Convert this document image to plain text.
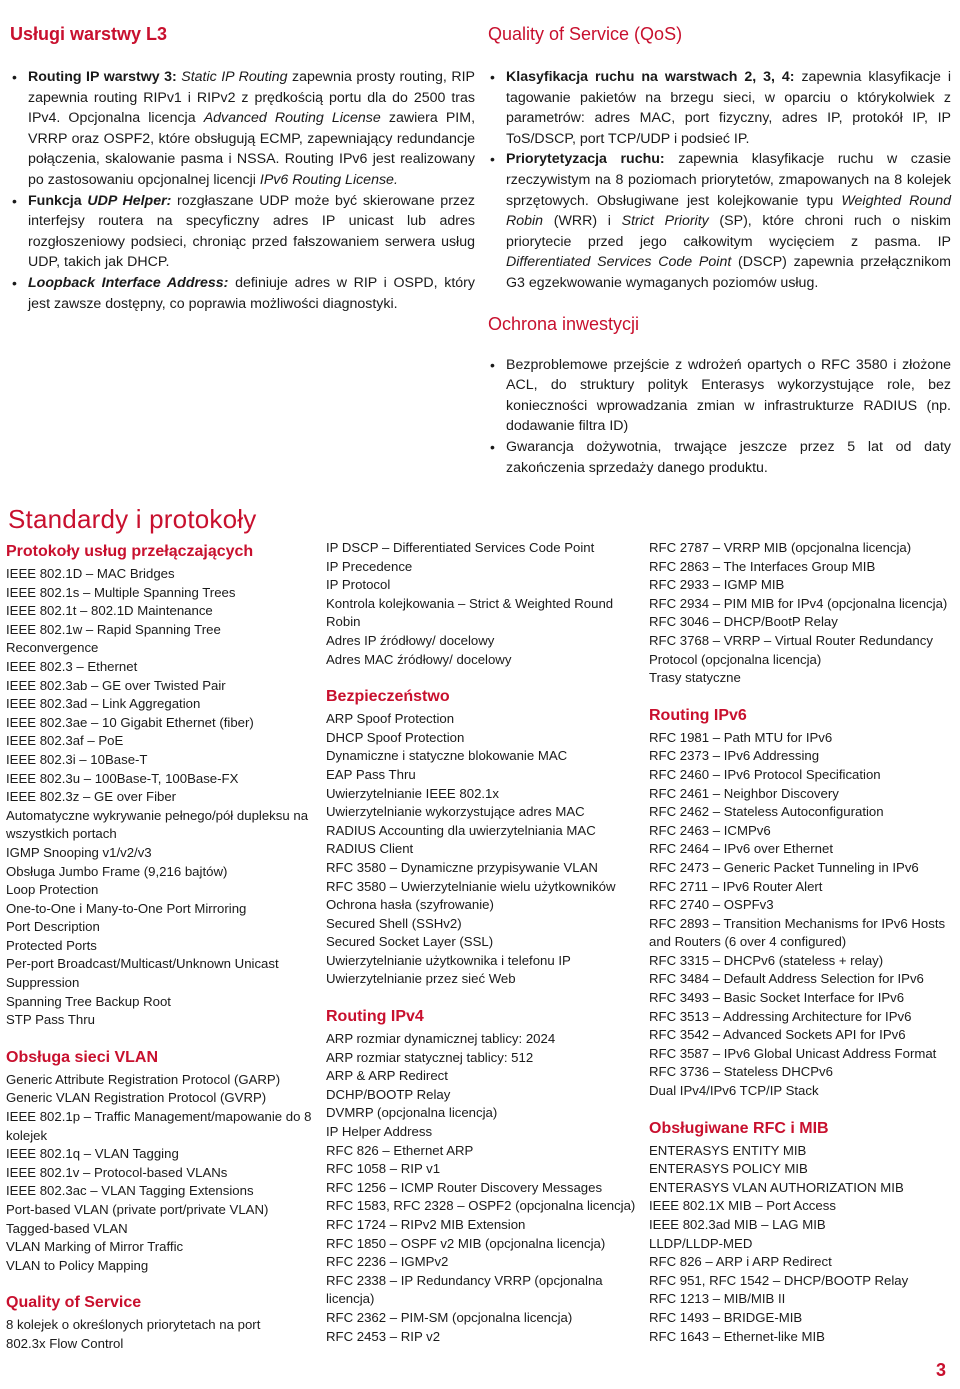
Usługi warstwy L3
• Routing IP warstwy 3: Static IP Routing zapewnia prosty routing, RIP zapewnia routing RIPv1 i RIPv2 z prędkością portu dla do 2500 tras IPv4. Opcjonalna licencja Advanced Routing License zawiera PIM, VRRP oraz OSPF2, które obsługują ECMP, zapewniający redundancje połączenia, skalowanie pasma i NSSA. Routing IPv6 jest realizowany po zastosowaniu opcjonalnej licencji IPv6 Routing License.
• Funkcja UDP Helper: rozgłaszane UDP może być skierowane przez interfejsy routera na specyficzny adres IP unicast lub adres rozgłoszeniowy podsieci, chroniąc przed fałszowaniem serwera usług UDP, takich jak DHCP.
• Loopback Interface Address: definiuje adres w RIP i OSPD, który jest zawsze dostępny, co poprawia możliwości diagnostyki.
Quality of Service (QoS)
• Klasyfikacja ruchu na warstwach 2, 3, 4: zapewnia klasyfikacje i tagowanie pakietów na brzegu sieci, w oparciu o którykolwiek z parametrów: adres MAC, port fizyczny, adres IP, protokół IP, IP ToS/DSCP, port TCP/UDP i podsieć IP.
• Priorytetyzacja ruchu: zapewnia klasyfikacje ruchu w czasie rzeczywistym na 8 poziomach priorytetów, zmapowanych na 8 kolejek sprzętowych. Obsługiwane jest kolejkowanie typu Weighted Round Robin (WRR) i Strict Priority (SP), które chroni ruch o niskim priorytecie przed jego całkowitym wycięciem z pasma. IP Differentiated Services Code Point (DSCP) zapewnia przełącznikom G3 egzekwowanie wymaganych poziomów usług.
Ochrona inwestycji
• Bezproblemowe przejście z wdrożeń opartych o RFC 3580 i złożone ACL, do struktury polityk Enterasys wykorzystujące role, bez konieczności wprowadzania zmian w infrastrukturze RADIUS (np. dodawanie filtra ID)
• Gwarancja dożywotnia, trwające jeszcze przez 5 lat od daty zakończenia sprzedaży danego produktu.
Standardy i protokoły
Protokoły usług przełączających
IEEE 802.1D – MAC Bridges
IEEE 802.1s – Multiple Spanning Trees
IEEE 802.1t – 802.1D Maintenance
IEEE 802.1w – Rapid Spanning Tree Reconvergence
IEEE 802.3 – Ethernet
IEEE 802.3ab – GE over Twisted Pair
IEEE 802.3ad – Link Aggregation
IEEE 802.3ae – 10 Gigabit Ethernet (fiber)
IEEE 802.3af – PoE
IEEE 802.3i – 10Base-T
IEEE 802.3u – 100Base-T, 100Base-FX
IEEE 802.3z – GE over Fiber
Automatyczne wykrywanie pełnego/pół dupleksu na wszystkich portach
IGMP Snooping v1/v2/v3
Obsługa Jumbo Frame (9,216 bajtów)
Loop Protection
One-to-One i Many-to-One Port Mirroring
Port Description
Protected Ports
Per-port Broadcast/Multicast/Unknown Unicast Suppression
Spanning Tree Backup Root
STP Pass Thru
Obsługa sieci VLAN
Generic Attribute Registration Protocol (GARP)
Generic VLAN Registration Protocol (GVRP)
IEEE 802.1p – Traffic Management/mapowanie do 8 kolejek
IEEE 802.1q – VLAN Tagging
IEEE 802.1v – Protocol-based VLANs
IEEE 802.3ac – VLAN Tagging Extensions
Port-based VLAN (private port/private VLAN)
Tagged-based VLAN
VLAN Marking of Mirror Traffic
VLAN to Policy Mapping
Quality of Service
8 kolejek o określonych priorytetach na port
802.3x Flow Control
IP DSCP – Differentiated Services Code Point
IP Precedence
IP Protocol
Kontrola kolejkowania – Strict & Weighted Round Robin
Adres IP źródłowy/ docelowy
Adres MAC źródłowy/ docelowy
Bezpieczeństwo
ARP Spoof Protection
DHCP Spoof Protection
Dynamiczne i statyczne blokowanie MAC
EAP Pass Thru
Uwierzytelnianie IEEE 802.1x
Uwierzytelnianie wykorzystujące adres MAC
RADIUS Accounting dla uwierzytelniania MAC
RADIUS Client
RFC 3580 – Dynamiczne przypisywanie VLAN
RFC 3580 – Uwierzytelnianie wielu użytkowników
Ochrona hasła (szyfrowanie)
Secured Shell (SSHv2)
Secured Socket Layer (SSL)
Uwierzytelnianie użytkownika i telefonu IP
Uwierzytelnianie przez sieć Web
Routing IPv4
ARP rozmiar dynamicznej tablicy: 2024
ARP rozmiar statycznej tablicy: 512
ARP & ARP Redirect
DCHP/BOOTP Relay
DVMRP (opcjonalna licencja)
IP Helper Address
RFC 826 – Ethernet ARP
RFC 1058 – RIP v1
RFC 1256 – ICMP Router Discovery Messages
RFC 1583, RFC 2328 – OSPF2 (opcjonalna licencja)
RFC 1724 – RIPv2 MIB Extension
RFC 1850 – OSPF v2 MIB (opcjonalna licencja)
RFC 2236 – IGMPv2
RFC 2338 – IP Redundancy VRRP (opcjonalna licencja)
RFC 2362 – PIM-SM (opcjonalna licencja)
RFC 2453 – RIP v2
RFC 2787 – VRRP MIB (opcjonalna licencja)
RFC 2863 – The Interfaces Group MIB
RFC 2933 – IGMP MIB
RFC 2934 – PIM MIB for IPv4 (opcjonalna licencja)
RFC 3046 – DHCP/BootP Relay
RFC 3768 – VRRP – Virtual Router Redundancy Protocol (opcjonalna licencja)
Trasy statyczne
Routing IPv6
RFC 1981 – Path MTU for IPv6
RFC 2373 – IPv6 Addressing
RFC 2460 – IPv6 Protocol Specification
RFC 2461 – Neighbor Discovery
RFC 2462 – Stateless Autoconfiguration
RFC 2463 – ICMPv6
RFC 2464 – IPv6 over Ethernet
RFC 2473 – Generic Packet Tunneling in IPv6
RFC 2711 – IPv6 Router Alert
RFC 2740 – OSPFv3
RFC 2893 – Transition Mechanisms for IPv6 Hosts and Routers (6 over 4 configured)
RFC 3315 – DHCPv6 (stateless + relay)
RFC 3484 – Default Address Selection for IPv6
RFC 3493 – Basic Socket Interface for IPv6
RFC 3513 – Addressing Architecture for IPv6
RFC 3542 – Advanced Sockets API for IPv6
RFC 3587 – IPv6 Global Unicast Address Format
RFC 3736 – Stateless DHCPv6
Dual IPv4/IPv6 TCP/IP Stack
Obsługiwane RFC i MIB
ENTERASYS ENTITY MIB
ENTERASYS POLICY MIB
ENTERASYS VLAN AUTHORIZATION MIB
IEEE 802.1X MIB – Port Access
IEEE 802.3ad MIB – LAG MIB
LLDP/LLDP-MED
RFC 826 – ARP i ARP Redirect
RFC 951, RFC 1542 – DHCP/BOOTP Relay
RFC 1213 – MIB/MIB II
RFC 1493 – BRIDGE-MIB
RFC 1643 – Ethernet-like MIB
3
